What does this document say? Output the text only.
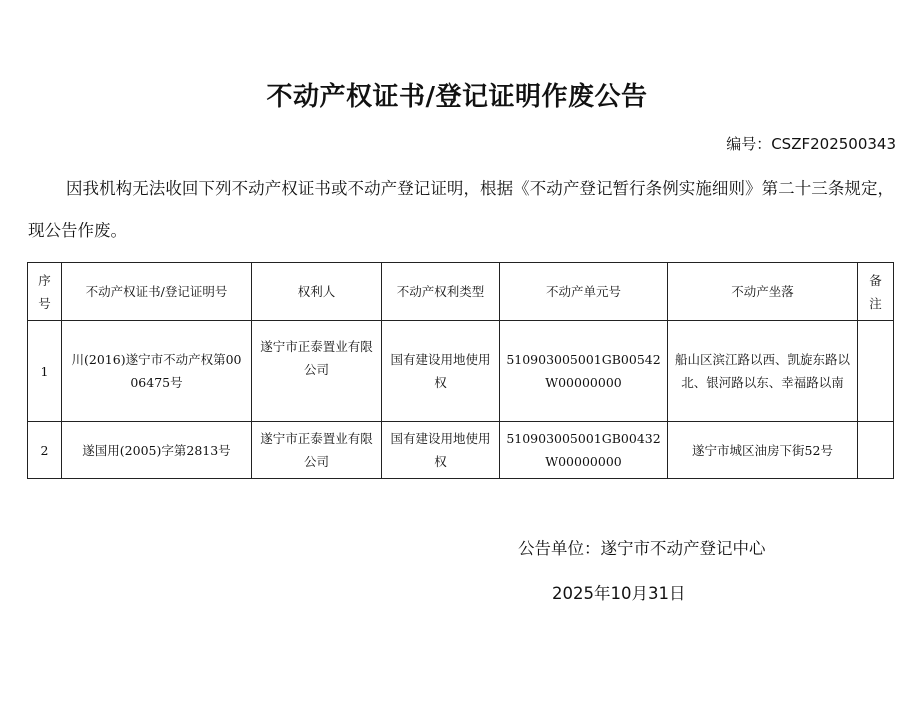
不动产权证书/登记证明作废公告
编号：CSZF202500343
因我机构无法收回下列不动产权证书或不动产登记证明，根据《不动产登记暂行条例实施细则》第二十三条规定，现公告作废。
序号	不动产权证书/登记证明号	权利人	不动产权利类型	不动产单元号	不动产坐落	备注
1	川(2016)遂宁市不动产权第0006475号	遂宁市正泰置业有限公司	国有建设用地使用权	510903005001GB00542W00000000	船山区滨江路以西、凯旋东路以北、银河路以东、幸福路以南	
2	遂国用(2005)字第2813号	遂宁市正泰置业有限公司	国有建设用地使用权	510903005001GB00432W00000000	遂宁市城区油房下街52号	
公告单位：遂宁市不动产登记中心
2025年10月31日
